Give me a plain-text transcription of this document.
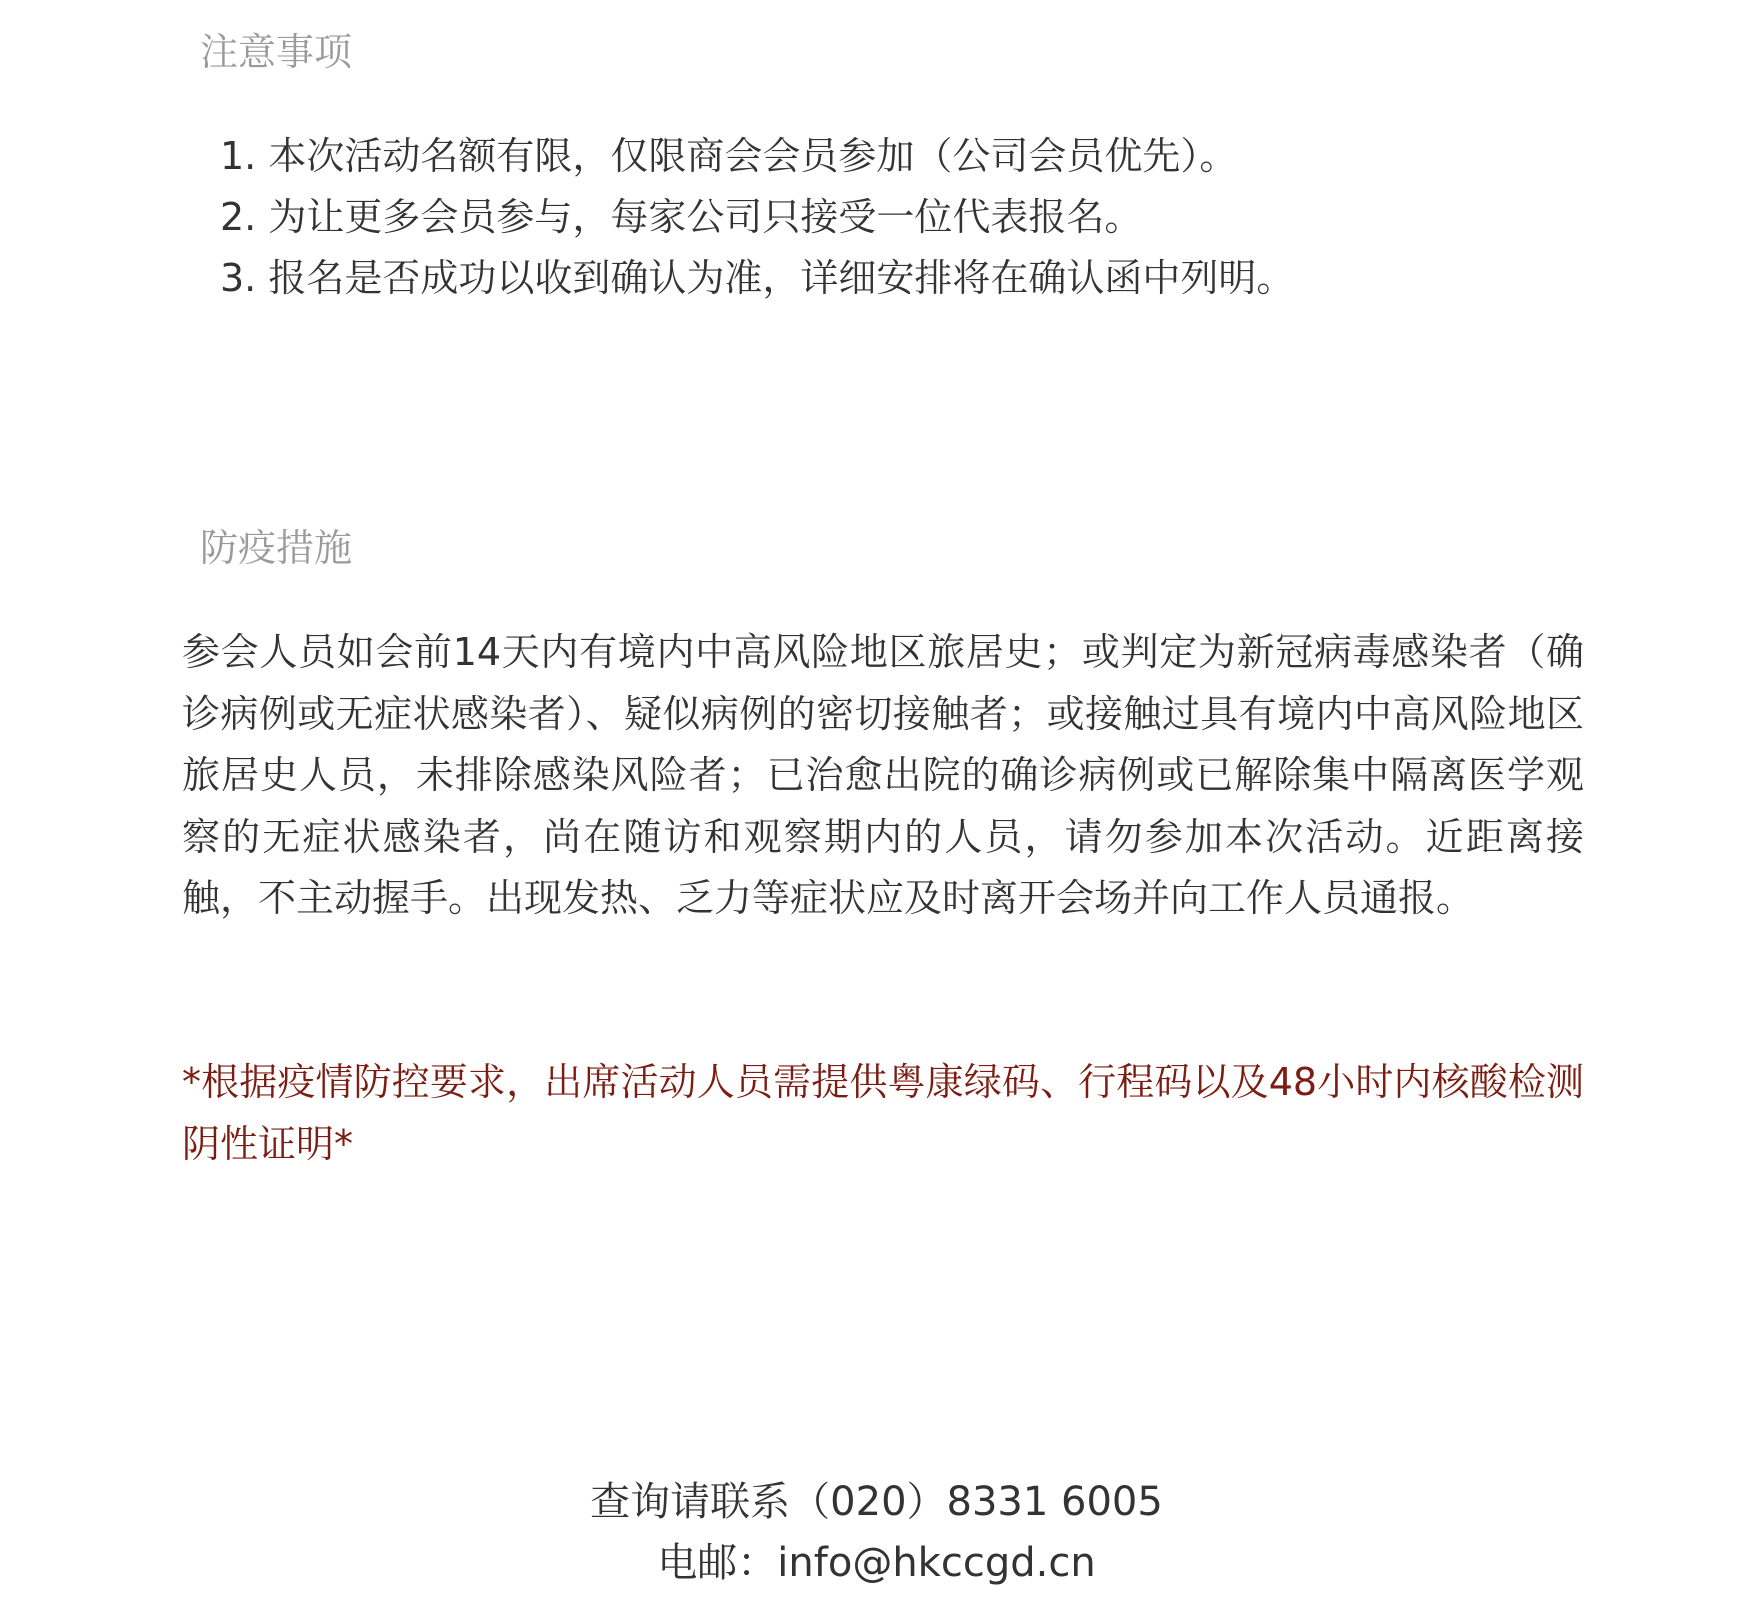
注意事项
1. 本次活动名额有限，仅限商会会员参加（公司会员优先）。
2. 为让更多会员参与，每家公司只接受一位代表报名。
3. 报名是否成功以收到确认为准，详细安排将在确认函中列明。
防疫措施

参会人员如会前14天内有境内中高风险地区旅居史；或判定为新冠病毒感染者（确诊病例或无症状感染者）、疑似病例的密切接触者；或接触过具有境内中高风险地区旅居史人员，未排除感染风险者；已治愈出院的确诊病例或已解除集中隔离医学观察的无症状感染者，尚在随访和观察期内的人员，请勿参加本次活动。近距离接触，不主动握手。出现发热、乏力等症状应及时离开会场并向工作人员通报。

*根据疫情防控要求，出席活动人员需提供粤康绿码、行程码以及48小时内核酸检测阴性证明*

查询请联系（020）8331 6005

电邮：info@hkccgd.cn
